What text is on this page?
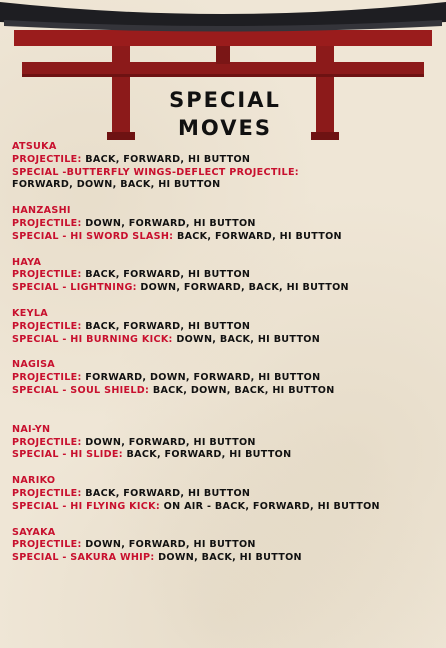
SPECIAL
MOVES
ATSUKA
PROJECTILE: BACK, FORWARD, HI BUTTON
SPECIAL -BUTTERFLY WINGS-DEFLECT PROJECTILE:
FORWARD, DOWN, BACK, HI BUTTON
HANZASHI
PROJECTILE: DOWN, FORWARD, HI BUTTON
SPECIAL - HI SWORD SLASH: BACK, FORWARD, HI BUTTON
HAYA
PROJECTILE: BACK, FORWARD, HI BUTTON
SPECIAL - LIGHTNING: DOWN, FORWARD, BACK, HI BUTTON
KEYLA
PROJECTILE: BACK, FORWARD, HI BUTTON
SPECIAL - HI BURNING KICK: DOWN, BACK, HI BUTTON
NAGISA
PROJECTILE: FORWARD, DOWN, FORWARD, HI BUTTON
SPECIAL - SOUL SHIELD: BACK, DOWN, BACK, HI BUTTON
NAI-YN
PROJECTILE: DOWN, FORWARD, HI BUTTON
SPECIAL - HI SLIDE: BACK, FORWARD, HI BUTTON
NARIKO
PROJECTILE: BACK, FORWARD, HI BUTTON
SPECIAL - HI FLYING KICK: ON AIR - BACK, FORWARD, HI BUTTON
SAYAKA
PROJECTILE: DOWN, FORWARD, HI BUTTON
SPECIAL - SAKURA WHIP: DOWN, BACK, HI BUTTON
